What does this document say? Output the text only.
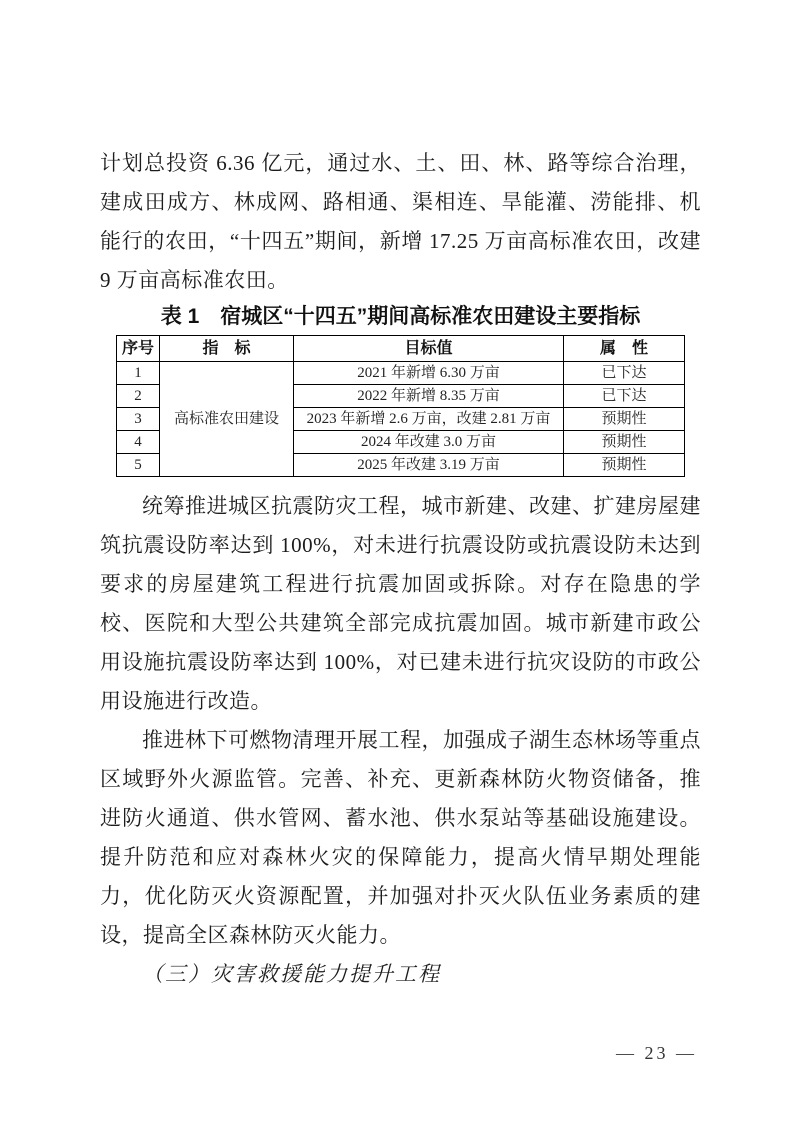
计划总投资 6.36 亿元，通过水、土、田、林、路等综合治理，建成田成方、林成网、路相通、渠相连、旱能灌、涝能排、机能行的农田，“十四五”期间，新增 17.25 万亩高标准农田，改建 9 万亩高标准农田。

表 1　宿城区“十四五”期间高标准农田建设主要指标
序号	指　标	目标值	属　性
1	高标准农田建设	2021 年新增 6.30 万亩	已下达
2		2022 年新增 8.35 万亩	已下达
3		2023 年新增 2.6 万亩，改建 2.81 万亩	预期性
4		2024 年改建 3.0 万亩	预期性
5		2025 年改建 3.19 万亩	预期性

统筹推进城区抗震防灾工程，城市新建、改建、扩建房屋建筑抗震设防率达到 100%，对未进行抗震设防或抗震设防未达到要求的房屋建筑工程进行抗震加固或拆除。对存在隐患的学校、医院和大型公共建筑全部完成抗震加固。城市新建市政公用设施抗震设防率达到 100%，对已建未进行抗灾设防的市政公用设施进行改造。

推进林下可燃物清理开展工程，加强成子湖生态林场等重点区域野外火源监管。完善、补充、更新森林防火物资储备，推进防火通道、供水管网、蓄水池、供水泵站等基础设施建设。提升防范和应对森林火灾的保障能力，提高火情早期处理能力，优化防灭火资源配置，并加强对扑灭火队伍业务素质的建设，提高全区森林防灭火能力。

（三）灾害救援能力提升工程

— 23 —
